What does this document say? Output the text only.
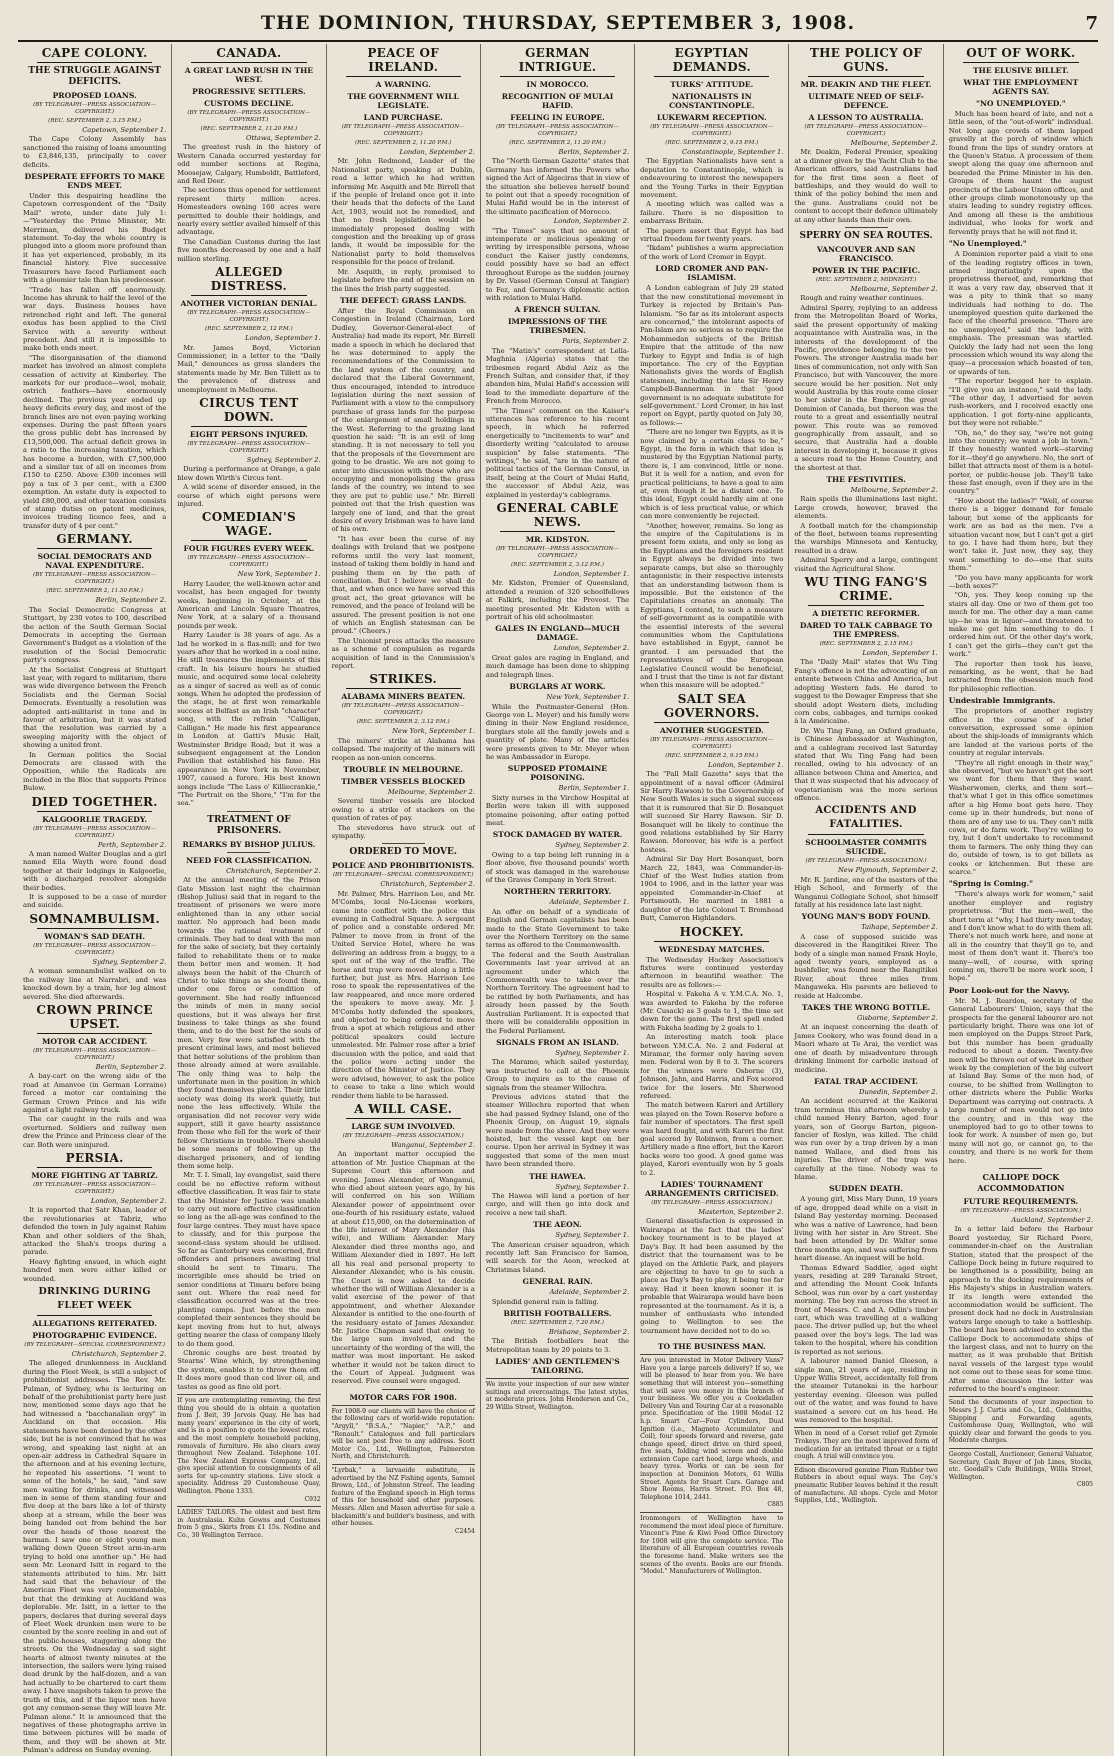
THE DOMINION, THURSDAY, SEPTEMBER 3, 1908.	7
CAPE COLONY.
THE STRUGGLE AGAINST DEFICITS.
PROPOSED LOANS.
(BY TELEGRAPH—PRESS ASSOCIATION—COPYRIGHT.)
(REC. SEPTEMBER 2, 3.15 P.M.)
Capetown, September 1.

The Cape Colony Assembly has sanctioned the raising of loans amounting to £3,846,135, principally to cover deficits.

DESPERATE EFFORTS TO MAKE ENDS MEET.

Under this despairing headline the Capetown correspondent of the "Daily Mail" wrote, under date July 1:—"Yesterday the Prime Minister, Mr. Merriman, delivered his Budget statement. To-day the whole country is plunged into a gloom more profound than it has yet experienced, probably, in its financial history. Five successive Treasurers have faced Parliament each with a gloomier tale than his predecessor.

"Trade has fallen off enormously. Income has shrunk to half the level of the war days. Business houses have retrenched right and left. The general exodus has been applied to the Civil Service with a severity without precedent. And still it is impossible to make both ends meet.

"The disorganisation of the diamond market has involved an almost complete cessation of activity at Kimberley. The markets for our produce—wool, mohair, ostrich feathers—have enormously declined. The previous year ended up heavy deficits every day, and most of the branch lines are not even paying working expenses. During the past fifteen years the gross public debt has increased by £13,500,000. The actual deficit grows in a ratio to the increasing taxation, which has become a burden, with £7,500,000 and a similar tax of all on incomes from £150 to £250. Above £300 incomes will pay a tax of 3 per cent., with a £300 exemption. An estate duty is expected to yield £80,000, and other taxation consists of stamp duties on patent medicines, invoices trading licence fees, and a transfer duty of 4 per cent."

GERMANY.
SOCIAL DEMOCRATS AND NAVAL EXPENDITURE.
(BY TELEGRAPH—PRESS ASSOCIATION—COPYRIGHT.)
(REC. SEPTEMBER 2, 11.50 P.M.)
Berlin, September 2.

The Social Democratic Congress at Stuttgart, by 230 votes to 100, described the action of the South German Social Democrats in accepting the German Government's Budget as a violation of the resolution of the Social Democratic party's congress.

At the Socialist Congress at Stuttgart last year, with regard to militarism, there was wide divergence between the French Socialists and the German Social Democrats. Eventually a resolution was adopted anti-militarist in tone and in favour of arbitration, but it was stated that the resolution was carried by a sweeping majority with the object of showing a united front.

In German politics the Social Democrats are classed with the Opposition, while the Radicals are included in the Bloc that supports Prince Bulow.

DIED TOGETHER.
KALGOORLIE TRAGEDY.
(BY TELEGRAPH—PRESS ASSOCIATION—COPYRIGHT.)
Perth, September 2.

A man named Walter Douglas and a girl named Ella Wayth were found dead together at their lodgings in Kalgoorlie, with a discharged revolver alongside their bodies.

It is supposed to be a case of murder and suicide.

SOMNAMBULISM.
WOMAN'S SAD DEATH.
(BY TELEGRAPH—PRESS ASSOCIATION—COPYRIGHT.)
Sydney, September 2.

A woman somnambulist walked on to the railway line at Narrabri, and was knocked down by a train, her leg almost severed. She died afterwards.

CROWN PRINCE UPSET.
MOTOR CAR ACCIDENT.
(BY TELEGRAPH—PRESS ASSOCIATION—COPYRIGHT.)
Berlin, September 2.

A bay-cart on the wrong side of the road at Amanvoe (in German Lorraine) forced a motor car containing the German Crown Prince and his wife against a light railway truck.

The car caught in the rails and was overturned. Soldiers and railway men drew the Prince and Princess clear of the car. Both were uninjured.

PERSIA.
MORE FIGHTING AT TABRIZ.
(BY TELEGRAPH—PRESS ASSOCIATION—COPYRIGHT.)
London, September 2.

It is reported that Satr Khan, leader of the revolutionaries at Tabriz, who defended the town in July against Rahim Khan and other soldiers of the Shah, attacked the Shah's troops during a parade.

Heavy fighting ensued, in which eight hundred men were either killed or wounded.

DRINKING DURING FLEET WEEK
ALLEGATIONS REITERATED.
PHOTOGRAPHIC EVIDENCE.
(BY TELEGRAPH—SPECIAL CORRESPONDENT.)
Christchurch, September 2.

The alleged drunkenness in Auckland during the Fleet Week, is still a subject of prohibitionist addresses. The Rev. Mr. Pulman, of Sydney, who is lecturing on behalf of the prohibitionist party here just now, mentioned some days ago that he had witnessed a "bacchanalian orgy" in Auckland on that occasion. His statements have been denied by the other side, but he is not convinced that he was wrong, and speaking last night at an open-air address in Cathedral Square in the afternoon and at his evening lecture, he repeated his assertions. "I went to some of the hotels," he said, "and saw men waiting for drinks, and witnessed men in some of them standing four and five deep at the bars like a lot of thirsty sheep at a stream, while the beer was being handed out from behind the bar over the heads of those nearest the barman. I saw one or eight young men walking down Queen Street arm-in-arm trying to hold one another up." He had seen Mr. Leonard Isitt in regard to the statements attributed to him. Mr. Isitt had said that the behaviour of the American Fleet was very commendable, but that the drinking at Auckland was deplorable. Mr. Isitt, in a letter to the papers, declares that during several days of Fleet Week drunken men were to be counted by the score reeling in and out of the public-houses, staggering along the streets. On the Wednesday a sad sight hearts of almost twenty minutes at the intersection, the sailors were lying raised dead drunk by the half-dozen, and a van had actually to be chartered to cart them away. I have snapshots taken to prove the truth of this, and if the liquor men have got any common-sense they will leave Mr. Pulman alone." It is announced that the negatives of these photographs arrive in time between pictures will be made of them, and they will be shown at Mr. Pulman's address on Sunday evening.

CANADA.
A GREAT LAND RUSH IN THE WEST.
PROGRESSIVE SETTLERS.
CUSTOMS DECLINE.
(BY TELEGRAPH—PRESS ASSOCIATION—COPYRIGHT.)
(REC. SEPTEMBER 2, 11.20 P.M.)
Ottawa, September 2.

The greatest rush in the history of Western Canada occurred yesterday for odd number sections at Regina, Moosejaw, Calgary, Humboldt, Battleford, and Red Deer.

The sections thus opened for settlement represent thirty million acres. Homesteaders owning 160 acres were permitted to double their holdings, and nearly every settler availed himself of this advantage.

The Canadian Customs during the last five months decreased by one and a half million sterling.

ALLEGED DISTRESS.
ANOTHER VICTORIAN DENIAL.
(BY TELEGRAPH—PRESS ASSOCIATION—COPYRIGHT.)
(REC. SEPTEMBER 2, 12 P.M.)
London, September 1.

Mr. James Boyd, Victorian Commissioner, in a letter to the "Daily Mail," denounces as gross slanders the statements made by Mr. Ben Tillett as to the prevalence of distress and unemployment in Melbourne.

CIRCUS TENT DOWN.
EIGHT PERSONS INJURED.
(BY TELEGRAPH—PRESS ASSOCIATION—COPYRIGHT.)
Sydney, September 2.

During a performance at Orange, a gale blew down Wirth's Circus tent.

A wild scene of disorder ensued, in the course of which eight persons were injured.

COMEDIAN'S WAGE.
FOUR FIGURES EVERY WEEK.
(BY TELEGRAPH—PRESS ASSOCIATION—COPYRIGHT.)
New York, September 1.

Harry Lauder, the well-known actor and vocalist, has been engaged for twenty weeks, beginning in October, at the American and Lincoln Square Theatres, New York, at a salary of a thousand pounds per week.

Harry Lauder is 38 years of age. As a lad he worked in a flax-mill; and for two years after that he worked in a coal mine. He still treasures the implements of this craft. In his leisure hours he studied music, and acquired some local celebrity as a singer of sacred as well as of comic songs. When he adopted the profession of the stage, he at first won remarkable success at Belfast as an Irish "character" song, with the refrain "Calligan, Calligan." He made his first appearance in London at Gatti's Music Hall, Westminster Bridge Road; but it was a subsequent engagement at the London Pavilion that established his fame. His appearance in New York in November, 1907, caused a furore. His best known songs include "The Lass o' Killiecrankie," "The Portrait on the Shore," "I'm for the sea."

TREATMENT OF PRISONERS.
REMARKS BY BISHOP JULIUS.
NEED FOR CLASSIFICATION.
Christchurch, September 2.

At the annual meeting of the Prison Gate Mission last night the chairman (Bishop Julius) said that in regard to the treatment of prisoners we were more enlightened than in any other social matter. No approach had been made towards the rational treatment of criminals. They had to deal with the man for the sake of society, but they certainly failed to rehabilitate them or to make them better men and women. It had always been the habit of the Church of Christ to take things as she found them, under one force or condition of government. She had really influenced the minds of men in many social questions, but it was always her first business to take things as she found them, and to do the best for the souls of men. Very few were satisfied with the present criminal laws, and most believed that better solutions of the problem than those already aimed at were available. The only thing was to help the unfortunate men in the position in which they found themselves placed. Their little society was doing its work quietly, but none the less effectively. While the organisation did not recover very wide support, still it gave hearty assistance from those who fell for the work of their fellow Christians in trouble. There should be some means of following up the discharged prisoners, and of lending them some help.

Mr. T. I. Small, lay evangelist, said there could be no effective reform without effective classification. It was fair to state that the Minister for Justice was unable to carry out more effective classification so long as the all-age was confined to the four large centres. They must have space to classify, and for this purpose the second-class system should be utilised. So far as Canterbury was concerned, first offenders and prisoners awaiting trial should be sent to Timaru. The incorrigible ones should be tried on senior conditions at Timaru before being sent out. Where the real need for classification occurred was at the tree-planting camps. Just before the men completed their sentences they should be kept moving from hut to hut, always getting nearer the class of company likely to do them good.

Chronic coughs are best treated by Stearns' Wine which, by strengthening the system, enables it to throw them off. It does more good than cod liver oil, and tastes as good as fine old port.

If you are contemplating removing, the first thing you should do is obtain a quotation from J. Beit, 39 Jervois Quay. He has had many years' experience in the city of work, and is in a position to quote the lowest rates, and the most complete household packing, removals of furniture. He also clears away throughout New Zealand. Telephone 101. The New Zealand Express Company, Ltd., give special attention to consignments of all sorts for up-country stations. Live stock a speciality. Address 29 Customhouse Quay, Wellington. Phone 1333.
C932
LADIES' TAILORS. The oldest and best firm in Australasia. Kuhn Gowns and Costumes from 5 gns., Skirts from £1 15s. Nodine and Co., 30 Wellington Terrace.
PEACE OF IRELAND.
A WARNING.
THE GOVERNMENT WILL LEGISLATE.
LAND PURCHASE.
(BY TELEGRAPH—PRESS ASSOCIATION—COPYRIGHT.)
(REC. SEPTEMBER 2, 11.20 P.M.)
London, September 2.

Mr. John Redmond, Leader of the Nationalist party, speaking at Dublin, read a letter which he had written informing Mr. Asquith and Mr. Birrell that if the people of Ireland once got it into their heads that the defects of the Land Act, 1903, would not be remedied, and that no fresh legislation would be immediately proposed dealing with congestion and the breaking up of grass lands, it would be impossible for the Nationalist party to hold themselves responsible for the peace of Ireland.

Mr. Asquith, in reply, promised to legislate before the end of the session on the lines the Irish party suggested.

THE DEFECT: GRASS LANDS.

After the Royal Commission on Congestion in Ireland (Chairman, Lord Dudley, Governor-General-elect of Australia) had made its report, Mr. Birrell made a speech in which he declared that he was determined to apply the recommendations of the Commission to the land system of the country, and declared that the Liberal Government, thus encouraged, intended to introduce legislation during the next session of Parliament with a view to the compulsory purchase of grass lands for the purpose of the enlargement of small holdings in the West. Referring to the grazing land question he said: "It is an evil of long standing. It is not necessary to tell you that the proposals of the Government are going to be drastic. We are not going to enter into discussion with those who are occupying and monopolising the grass lands of the country, we intend to see they are put to public use." Mr. Birrell pointed out that the Irish question was largely one of land, and that the great desire of every Irishman was to have land of his own.

"It has ever been the curse of my dealings with Ireland that we postpone reforms until the very last moment, instead of taking them boldly in hand and pushing them on by the path of conciliation. But I believe we shall do that, and when once we have served this great act, the great grievance will be removed, and the peace of Ireland will be assured. The present position is not one of which an English statesman can be proud." (Cheers.)

The Unionist press attacks the measure as a scheme of compulsion as regards acquisition of land in the Commission's report.

STRIKES.
ALABAMA MINERS BEATEN.
(BY TELEGRAPH—PRESS ASSOCIATION—COPYRIGHT.)
(REC. SEPTEMBER 2, 3.12 P.M.)
New York, September 1.

The miners' strike at Alabama has collapsed. The majority of the miners will reopen as non-union concerns.

TROUBLE IN MELBOURNE.
TIMBER VESSELS BLOCKED
Melbourne, September 2.

Several timber vessels are blocked owing to a strike of stackers on the question of rates of pay.

The stevedores have struck out of sympathy.

ORDERED TO MOVE.
POLICE AND PROHIBITIONISTS.
(BY TELEGRAPH—SPECIAL CORRESPONDENT.)
Christchurch, September 2.

Mr. Palmer, Mrs. Harrison Lee, and Mr. M'Combs, local No-License workers, came into conflict with the police this evening in Cathedral Square. A sergeant of police and a constable ordered Mr. Palmer to move from in front of the United Service Hotel, where he was delivering an address from a buggy, to a spot out of the way of the traffic. The horse and trap were moved along a little further, but just as Mrs. Harrison Lee rose to speak the representatives of the law reappeared, and once more ordered the speakers to move away. Mr. J. M'Combs hotly defended the speakers, and objected to being ordered to move from a spot at which religious and other political speakers could lecture unmolested. Mr. Palmer rose after a brief discussion with the police, and said that the police were acting under the direction of the Minister of Justice. They were advised, however, to ask the police to cease to take a line which would render them liable to be harassed.

A WILL CASE.
LARGE SUM INVOLVED.
(BY TELEGRAPH—PRESS ASSOCIATION.)
Wanganui, September 2.

An important matter occupied the attention of Mr. Justice Chapman at the Supreme Court this afternoon and evening. James Alexander, of Wanganui, who died about sixteen years ago, by his will conferred on his son William Alexander power of appointment over one-fourth of his residuary estate, valued at about £15,000, on the determination of the life interest of Mary Alexander (his wife), and William Alexander. Mary Alexander died three months ago, and William Alexander died in 1897. He left all his real and personal property to Alexander Alexander, who is his cousin. The Court is now asked to decide whether the will of William Alexander is a valid exercise of the power of that appointment, and whether Alexander Alexander is entitled to the one-fourth of the residuary estate of James Alexander. Mr. Justice Chapman said that owing to the large sum involved, and the uncertainty of the wording of the will, the matter was most important. He asked whether it would not be taken direct to the Court of Appeal. Judgment was reserved. Five counsel were engaged.

MOTOR CARS FOR 1908.
For 1908-9 our clients will have the choice of the following cars of world-wide reputation: "Argyll," "B.S.A.," "Napier," "A.P.," and "Renault." Catalogues and full particulars will be sent post free to any address. Scott Motor Co., Ltd., Wellington, Palmerston North, and Christchurch.
"Lyrbak," a larvaeide substitute, is advertised by the NZ Fishing agents, Samuel Brown, Ltd., of Johnston Street. The leading feature of the England speech in High terms of this for household and other purposes. Messrs. Allen and Mason advertise for sale a blacksmith's and builder's business, and with other houses.
C2454
GERMAN INTRIGUE.
IN MOROCCO.
RECOGNITION OF MULAI HAFID.
FEELING IN EUROPE.
(BY TELEGRAPH—PRESS ASSOCIATION—COPYRIGHT.)
(REC. SEPTEMBER 2, 11.20 P.M.)
Berlin, September 2.

The "North German Gazette" states that Germany has informed the Powers who signed the Act of Algeciras that in view of the situation she believes herself bound to point out that a speedy recognition of Mulai Hafid would be in the interest of the ultimate pacification of Morocco.

London, September 2.

"The Times" says that no amount of intemperate or malicious speaking or writing by irresponsible persons, whose conduct the Kaiser justly condemns, could possibly have so bad an effect throughout Europe as the sudden journey by Dr. Vassel (German Consul at Tangier) to Fez, and Germany's diplomatic action with relation to Mulai Hafid.

A FRENCH SULTAN.
IMPRESSIONS OF THE TRIBESMEN.
Paris, September 2.

The "Matin's" correspondent at Lella-Maghnia (Algeria) states that the tribesmen regard Abdul Aziz as the French Sultan, and consider that, if they abandon him, Mulai Hafid's accession will lead to the immediate departure of the French from Morocco.

"The Times" comment on the Kaiser's utterances has reference to his recent speech, in which he referred energetically to "incitements to war" and disorderly writing "calculated to arouse suspicion" by false statements. "The writings," he said, "are in the nature of political tactics of the German Consul, in itself, being at the Court of Mulai Hafid, the successor of Abdul Aziz, was explained in yesterday's cablegrams.

GENERAL CABLE NEWS.
MR. KIDSTON.
(BY TELEGRAPH—PRESS ASSOCIATION—COPYRIGHT.)
(REC. SEPTEMBER 2, 3.12 P.M.)
London, September 1.

Mr. Kidston, Premier of Queensland, attended a reunion of 320 schoolfellows at Falkirk, including the Provost. The meeting presented Mr. Kidston with a portrait of his old schoolmaster.

GALES IN ENGLAND—MUCH DAMAGE.
London, September 2.

Great gales are raging in England, and much damage has been done to shipping and telegraph lines.

BURGLARS AT WORK.
New York, September 1.

While the Postmaster-General (Hon. George von L. Meyer) and his family were dining in their New England residence, burglars stole all the family jewels and a quantity of plate. Many of the articles were presents given to Mr. Meyer when he was Ambassador in Europe.

SUPPOSED PTOMAINE POISONING.
Berlin, September 1.

Sixty nurses in the Virchow Hospital at Berlin were taken ill with supposed ptomaine poisoning, after eating potted meat.

STOCK DAMAGED BY WATER.
Sydney, September 2.

Owing to a tap being left running in a floor above, five thousand pounds' worth of stock was damaged in the warehouse of the Graves Company in York Street.

NORTHERN TERRITORY.
Adelaide, September 1.

An offer on behalf of a syndicate of English and German capitalists has been made to the State Government to take over the Northern Territory on the same terms as offered to the Commonwealth.

The federal and the South Australian Governments last year arrived at an agreement under which the Commonwealth was to take over the Northern Territory. The agreement had to be ratified by both Parliaments, and has already been passed by the South Australian Parliament. It is expected that there will be considerable opposition in the Federal Parliament.

SIGNALS FROM AN ISLAND.
Sydney, September 1.

The Maramo, which sailed yesterday, was instructed to call at the Phoenix Group to inquire as to the cause of signals from the steamer Willochra.

Previous advices stated that the steamer Willochra reported that when she had passed Sydney Island, one of the Phoenix Group, on August 19, signals were made from the shore. And they were hoisted, but the vessel kept on her course. Upon her arrival in Sydney it was suggested that some of the men must have been stranded there.

THE HAWEA.
Sydney, September 1.

The Hawea will land a portion of her cargo, and will then go into dock and receive a new tail shaft.

THE AEON.
Sydney, September 1.

The American cruiser squadron, which recently left San Francisco for Samoa, will search for the Aeon, wrecked at Christmas Island.

GENERAL RAIN.
Adelaide, September 2.

Splendid general rain is falling.

BRITISH FOOTBALLERS.
(REC. SEPTEMBER 2, 7.20 P.M.)
Brisbane, September 2.

The British footballers beat the Metropolitan team by 20 points to 3.

LADIES' AND GENTLEMEN'S TAILORING.
We invite your inspection of our new winter suitings and overcoatings. The latest styles, at moderate prices. John Henderson and Co., 29 Willis Street, Wellington.
EGYPTIAN DEMANDS.
TURKS' ATTITUDE.
NATIONALISTS IN CONSTANTINOPLE.
LUKEWARM RECEPTION.
(BY TELEGRAPH—PRESS ASSOCIATION—COPYRIGHT.)
(REC. SEPTEMBER 2, 9.15 P.M.)
Constantinople, September 1.

The Egyptian Nationalists have sent a deputation to Constantinople, which is endeavouring to interest the newspapers and the Young Turks in their Egyptian movement.

A meeting which was called was a failure. There is no disposition to embarrass Britain.

The papers assert that Egypt has had virtual freedom for twenty years.

"Ikdam" publishes a warm appreciation of the work of Lord Cromer in Egypt.

LORD CROMER AND PAN-ISLAMISM.

A London cablegram of July 29 stated that the new constitutional movement in Turkey is rejected by Britain's Pan-Islamism. "So far as its intolerant aspects are concerned," the intolerant aspects of Pan-Islam are so serious as to require the Mohammedan subjects of the British Empire that the attitude of the new Turkey to Egypt and India is of high importance. The cry of the Egyptian Nationalists gives the words of English statesmen, including the late Sir Henry Campbell-Bannerman in that 'good government is no adequate substitute for self-government.' Lord Cromer, in his last report on Egypt, partly quoted on July 30, as follows:—

"There are no longer two Egypts, as it is now claimed by a certain class to be," Egypt, in the form in which that idea is mustered by the Egyptian National party, there is, I am convinced, little or none. But it is well for a nation, and even for practical politicians, to have a goal to aim at, even though it be a distant one. To this ideal, Egypt could hardly aim at one which is of less practical value, or which can more conveniently be rejected.

"Another, however, remains. So long as the empire of the Capitulations is in present form exists, and only so long as the Egyptians and the foreigners resident in Egypt always be divided into two separate camps, but also so thoroughly antagonistic in their respective interests that an understanding between them is impossible. But the existence of the Capitulations creates an anomaly. The Egyptians, I contend, to such a measure of self-government as is compatible with the essential interests of the several communities whom the Capitulations have established in Egypt, cannot be granted. I am persuaded that the representatives of the European Legislative Council would be beneficial, and I trust that the time is not far distant when this measure will be adopted."

SALT SEA GOVERNORS.
ANOTHER SUGGESTED.
(BY TELEGRAPH—PRESS ASSOCIATION—COPYRIGHT.)
(REC. SEPTEMBER 2, 9.15 P.M.)
London, September 1.

The "Pall Mall Gazette" says that the appointment of a naval officer (Admiral Sir Harry Rawson) to the Governorship of New South Wales is such a signal success that it is rumoured that Sir D. Bosanquet will succeed Sir Harry Rawson. Sir D. Bosanquet will be likely to continue the good relations established by Sir Harry Rawson. Moreover, his wife is a perfect hostess.

Admiral Sir Day Hort Bosanquet, born March 22, 1843, was Commander-in-Chief of the West Indies station from 1904 to 1906, and in the latter year was appointed Commander-in-Chief at Portsmouth. He married in 1881 a daughter of the late Colonel T. Bromhead Butt, Cameron Highlanders.

HOCKEY.
WEDNESDAY MATCHES.

The Wednesday Hockey Association's fixtures were continued yesterday afternoon in beautiful weather. The results are as follows:—

Hospital v. Fakeha A v. Y.M.C.A. No. 1, was awarded to Fakeha by the referee (Mr. Cusack) as 3 goals to 1, the time set down for the game. The first spell ended with Fakeha leading by 2 goals to 1.

An interesting match took place between Y.M.C.A. No. 2 and Federal at Miramar, the former only having seven men. Federal won by 8 to 3. The scorers for the winners were Osborne (3), Johnson, Jahn, and Harris, and Fox scored twice for the losers. Mr. Sherwood refereed.

The match between Karori and Artillery was played on the Town Reserve before a fair number of spectators. The first spell was hard fought, and with Karori the first goal scored by Robinson, from a corner. Artillery made a fine effort, but the Karori backs were too good. A good game was played, Karori eventually won by 5 goals to 2.

LADIES' TOURNAMENT ARRANGEMENTS CRITICISED.
(BY TELEGRAPH—PRESS ASSOCIATION.)
Masterton, September 2.

General dissatisfaction is expressed in Wairarapa at the fact that the ladies' hockey tournament is to be played at Day's Bay. It had been assumed by the district that the tournament was to be played on the Athletic Park, and players are objecting to have to go to such a place as Day's Bay to play, it being too far away. Had it been known sooner it is probable that Wairarapa would have been represented at the tournament. As it is, a number of enthusiasts who intended going to Wellington to see the tournament have decided not to do so.

TO THE BUSINESS MAN.
Are you interested in Motor Delivery Vans? Have you a large parcels delivery? If so, we will be pleased to hear from you. We have something that will interest you—something that will save you money in this branch of your business. We offer you a Cooksdallen Delivery Van and Touring Car at a reasonable price. Specification of the 1908 Model 12 h.p. Smart Car—Four Cylinders, Dual Ignition (i.e., Magneto Accumulator and Coil), four speeds forward and reverse, gate change speed, direct drive on third speed, five seats, folding wind screen and double extension Cape cart hood, large wheels, and heavy tyres. Works or can be seen for inspection at Dominion Motors, 61 Willis Street. Agents for Stuart Cars. Garage and Show Rooms, Harris Street. P.O. Box 48, Telephone 1014, 2441.
C885
Ironmongers of Wellington have to recommend the most ideal piece of furniture. Vincent's Pine & Kiwi Food Office Directory for 1908 will give the complete service. The literature of all European countries reveals the foresome hand. Make writers see the scenes of the events. Books are our friends. "Model." Manufacturers of Wellington.
THE POLICY OF GUNS.
MR. DEAKIN AND THE FLEET.
ULTIMATE NEED OF SELF-DEFENCE.
A LESSON TO AUSTRALIA.
(BY TELEGRAPH—PRESS ASSOCIATION—COPYRIGHT.)
Melbourne, September 2.

Mr. Deakin, Federal Premier, speaking at a dinner given by the Yacht Club to the American officers, said Australians had for the first time seen a fleet of battleships, and they would do well to think of the policy behind the men and the guns. Australians could not be content to accept their defence ultimately at any other hands than their own.

SPERRY ON SEA ROUTES.
VANCOUVER AND SAN FRANCISCO.
POWER IN THE PACIFIC.
(REC. SEPTEMBER 2, MIDNIGHT.)
Melbourne, September 2.

Rough and rainy weather continues.

Admiral Sperry, replying to an address from the Metropolitan Board of Works, said the present opportunity of making acquaintance with Australia was, in the interests of the development of the Pacific, providence belonging to the two Powers. The stronger Australia made her lines of communication, not only with San Francisco, but with Vancouver, the more secure would be her position. Not only would Australia by this route come closer to her sister in the Empire, the great Dominion of Canada, but thereon was the route to a great and essentially neutral power. This route was so removed geographically from assault, and so secure, that Australia had a double interest in developing it, because it gives a secure road to the Home Country, and the shortest at that.

THE FESTIVITIES.
Melbourne, September 2.

Rain spoils the illuminations last night. Large crowds, however, braved the elements.

A football match for the championship of the fleet, between teams representing the warships Minnesota and Kentucky, resulted in a draw.

Admiral Sperry and a large, contingent visited the Agricultural Show.

WU TING FANG'S CRIME.
A DIETETIC REFORMER.
DARED TO TALK CABBAGE TO THE EMPRESS.
(REC. SEPTEMBER 2, 2.15 P.M.)
London, September 1.

The "Daily Mail" states that Wu Ting Fang's offence is not the advocating of an entente between China and America, but adopting Western fads. He dared to suggest to the Dowager Empress that she should adopt Western diets, including corn cobs, cabbages, and turnips cooked à la Américaine.

Dr. Wu Ting Fang, an Oxford graduate, is Chinese Ambassador at Washington, and a cablegram received last Saturday stated that Wu Ting Fang had been recalled, owing to his advocacy of an alliance between China and America, and that it was suspected that his advocacy of vegetarianism was the more serious offence.

ACCIDENTS AND FATALITIES.
SCHOOLMASTER COMMITS SUICIDE.
(BY TELEGRAPH—PRESS ASSOCIATION.)
New Plymouth, September 2.

Mr. R. Jardine, one of the masters of the High School, and formerly of the Wanganui Collegiate School, shot himself fatally at his residence late last night.

YOUNG MAN'S BODY FOUND.
Taihape, September 2.

A case of supposed suicide was discovered in the Rangitikei River. The body of a single man named Frank Hoyle, aged twenty years, employed as a bushfeller, was found near the Rangitikei River, about three miles from Mangaweka. His parents are believed to reside at Halcombe.

TAKES THE WRONG BOTTLE.
Gisborne, September 2.

At an inquest concerning the death of James Cookery, who was found dead in a Maori whare at Te Arai, the verdict was one of death by misadventure through drinking liniment for carbolic instead of medicine.

FATAL TRAP ACCIDENT.
Dunedin, September 2.

An accident occurred at the Kaikorai tram terminus this afternoon whereby a child named Henry Barton, aged four years, son of George Barton, pigeon-fancier of Roslyn, was killed. The child was run over by a trap driven by a man named Wallace, and died from his injuries. The driver of the trap was carefully at the time. Nobody was to blame.

SUDDEN DEATH.

A young girl, Miss Mary Dunn, 19 years of age, dropped dead while on a visit in Island Bay yesterday morning. Deceased who was a native of Lawrence, had been living with her sister in Aro Street. She had been attended by Dr. Walter some three months ago, and was suffering from heart disease. An inquest will be held.

Thomas Edward Saddler, aged eight years, residing at 289 Taranaki Street, and attending the Mount Cook Infants School, was run over by a cart yesterday morning. The boy ran across the street in front of Messrs. C. and A. Odlin's timber cart, which was travelling at a walking pace. The driver pulled up, but the wheel passed over the boy's legs. The lad was taken to the hospital, where his condition is reported as not serious.

A labourer named Daniel Gleeson, a single man, 21 years of age, residing in Upper Willis Street, accidentally fell from the steamer Tutanekai in the harbour yesterday evening. Gleeson was pulled out of the water, and was found to have sustained a severe cut on his head. He was removed to the hospital.

When in need of a Corset relief get Zymole Trokeys. They are the most improved form of medication for an irritated throat or a tight cough. A trial will convince you.
Edison discovered genuine Plum Rubber two Rubbers in about equal ways. The Coy.'s pneumatic Rubber leaves behind it the result of manufacture. All shops. Cycle and Motor Supplies, Ltd., Wellington.
OUT OF WORK.
THE ELUSIVE BILLET.
WHAT THE EMPLOYMENT AGENTS SAY.
"NO UNEMPLOYED."

Much has been heard of late, and not a little seen, of the "out-of-work" individual. Not long ago crowds of them lapped gravelly at the porch of window which found from the lips of sundry orators at the Queen's Statue. A procession of them swept along the quay one afternoon and beareded the Prime Minister in his den. Groups of them haunt the august precincts of the Labour Union offices, and other groups climb monotonously up the stairs leading to sundry registry offices. And among all these is the ambitious individual, who looks for work and fervently prays that he will not find it.

"No Unemployed."

A Dominion reporter paid a visit to one of the leading registry offices in town, armed ingratiatingly upon the proprietress thereof, and, remarking that it was a very raw day, observed that it was a pity to think that so many individuals had nothing to do. The unemployed question quite darkened the face of the cheerful presence. "There are no unemployed," said the lady, with emphasis. The pressman was startled. Quickly the lady had not seen the long procession which wound its way along the quay—a procession which boasted of ten, or upwards of ten.

"The reporter begged her to explain. "I'll give you an instance," said the lady. "The other day, I advertised for seven rush-workers, and I received exactly one application. I got forty-nine applicants, but they were not reliable."

"Oh, no," do they say, "we're not going into the country; we want a job in town." If they honestly wanted work—starving for it—they'd go anywhere. No, the sort of billet that attracts most of them is a hotel-porter, or public-house job. They'll take these fast enough, even if they are in the country."

"How about the ladies?" "Well, of course there is a bigger demand for female labour, but some of the applicants for work are as bad as the men. I've a situation vacant now, but I can't get a girl to go. I have had them here, but they won't take it. Just now, they say, they want something to do—one that suits them."

"Do you have many applicants for work—both sexes?"

"Oh, yes. They keep coming up the stairs all day. One or two of them get too much for me. The other day a man came up—he was in liquor—and threatened to make me get him something to do. I ordered him out. Of the other day's work, I can't get the girls—they can't get the work."

The reporter then took his leave, remarking, as he went, that he had extracted from the obsession much food for philosophic reflection.

Undesirable Immigrants.

The proprietors of another registry office in the course of a brief conversation, expressed some opinion about the ship-loads of immigrants which are landed at the various ports of the country at regular intervals.

"They're all right enough in their way," she observed, "but we haven't got the sort we want for them that they want. Washerwomen, clerks, and them sort—that's what I get in this office sometimes after a big Home boat gets here. They come up in their hundreds, but none of them are of any use to us. They can't milk cows, or do farm work. They're willing to try, but I don't undertake to recommend them to farmers. The only thing they can do, outside of town, is to get billets as cooks or kitchenmen. But these are scarce."

"Spring is Coming."

"There's always work for women," said another employer and registry proprietress. "But the men—well, the short term at "why, I had thirty men today, and I don't know what to do with them all. There's not much work here, and none at all in the country that they'll go to, and most of them don't want it. There's too many—well, of course, with spring coming on, there'll be more work soon, I hope."

Poor Look-out for the Navvy.

Mr. M. J. Reardon, secretary of the General Labourers' Union, says that the prospects for the general labourer are not particularly bright. There was one lot of men employed on the Dupps Street Park, but this number has been gradually reduced to about a dozen. Twenty-five men will be thrown out of work in another week by the completion of the big culvert at Island Bay. Some of the men had, of course, to be shifted from Wellington to other districts where the Public Works Department was carrying out contracts. A large number of men would not go into the country, and in this way the unemployed had to go to other towns to look for work. A number of men go, but many will not go, or cannot go, to the country, and there is no work for them here.

CALLIOPE DOCK ACCOMMODATION
FUTURE REQUIREMENTS.
(BY TELEGRAPH—PRESS ASSOCIATION.)
Auckland, September 2.

In a letter laid before the Harbour Board yesterday, Sir Richard Poore, commander-in-chief on the Australian Station, stated that the prospect of the Calliope Dock being in future required to be lengthened is a possibility, being an approach to the docking requirements of His Majesty's ships in Australian waters. If its length were extended the accommodation would be sufficient. The present dock had no dock in Australasian waters large enough to take a battleship. The board has been advised to extend the Calliope Dock to accommodate ships of the largest class, and not to hurry on the matter, as it was probable that British naval vessels of the largest type would not come out to these seas for some time. After some discussion the letter was referred to the board's engineer.

Send the documents of your inspection to Messrs J. J. Curtis and Co., Ltd., Goldsmiths, Shipping and Forwarding agents, Customhouse Quay, Wellington, who will quickly clear and forward the goods to you. Moderate charges.
George Costall, Auctioneer, General Valuator, Secretary, Cash Buyer of Job Lines, Stocks, etc. Goodall's Cafe Buildings, Willis Street, Wellington.
C805
